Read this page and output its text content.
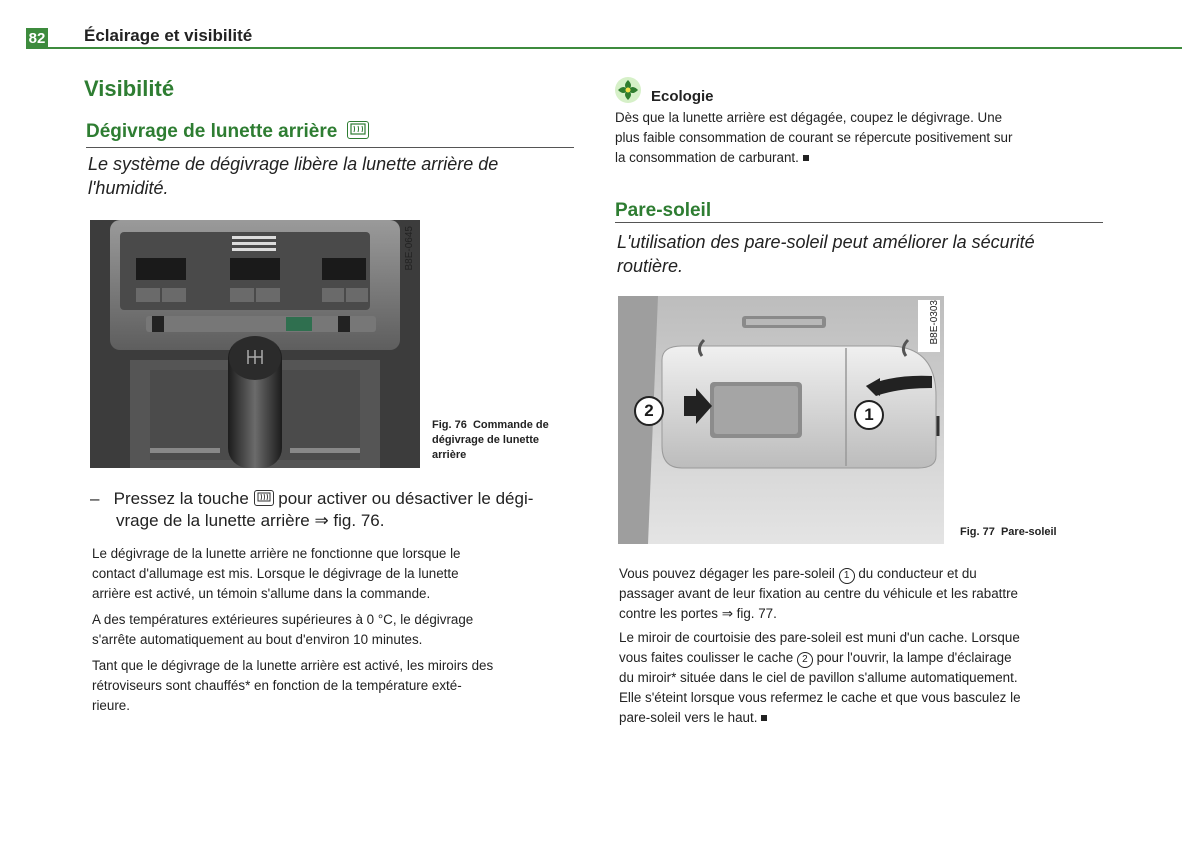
82 Éclairage et visibilité
Visibilité
Dégivrage de lunette arrière
Le système de dégivrage libère la lunette arrière de l'humidité.
B8E-0645
Fig. 76 Commande de dégivrage de lunette arrière
– Pressez la touche pour activer ou désactiver le dégi-
vrage de la lunette arrière ⇒ fig. 76.
Le dégivrage de la lunette arrière ne fonctionne que lorsque le
contact d'allumage est mis. Lorsque le dégivrage de la lunette
arrière est activé, un témoin s'allume dans la commande.
A des températures extérieures supérieures à 0 °C, le dégivrage
s'arrête automatiquement au bout d'environ 10 minutes.
Tant que le dégivrage de la lunette arrière est activé, les miroirs des
rétroviseurs sont chauffés* en fonction de la température exté-
rieure.
Ecologie
Dès que la lunette arrière est dégagée, coupez le dégivrage. Une
plus faible consommation de courant se répercute positivement sur
la consommation de carburant.
Pare-soleil
L'utilisation des pare-soleil peut améliorer la sécurité routière.
2	1
B8E-0303
Fig. 77 Pare-soleil
Vous pouvez dégager les pare-soleil 1 du conducteur et du
passager avant de leur fixation au centre du véhicule et les rabattre
contre les portes ⇒ fig. 77.
Le miroir de courtoisie des pare-soleil est muni d'un cache. Lorsque
vous faites coulisser le cache 2 pour l'ouvrir, la lampe d'éclairage
du miroir* située dans le ciel de pavillon s'allume automatiquement.
Elle s'éteint lorsque vous refermez le cache et que vous basculez le
pare-soleil vers le haut.
